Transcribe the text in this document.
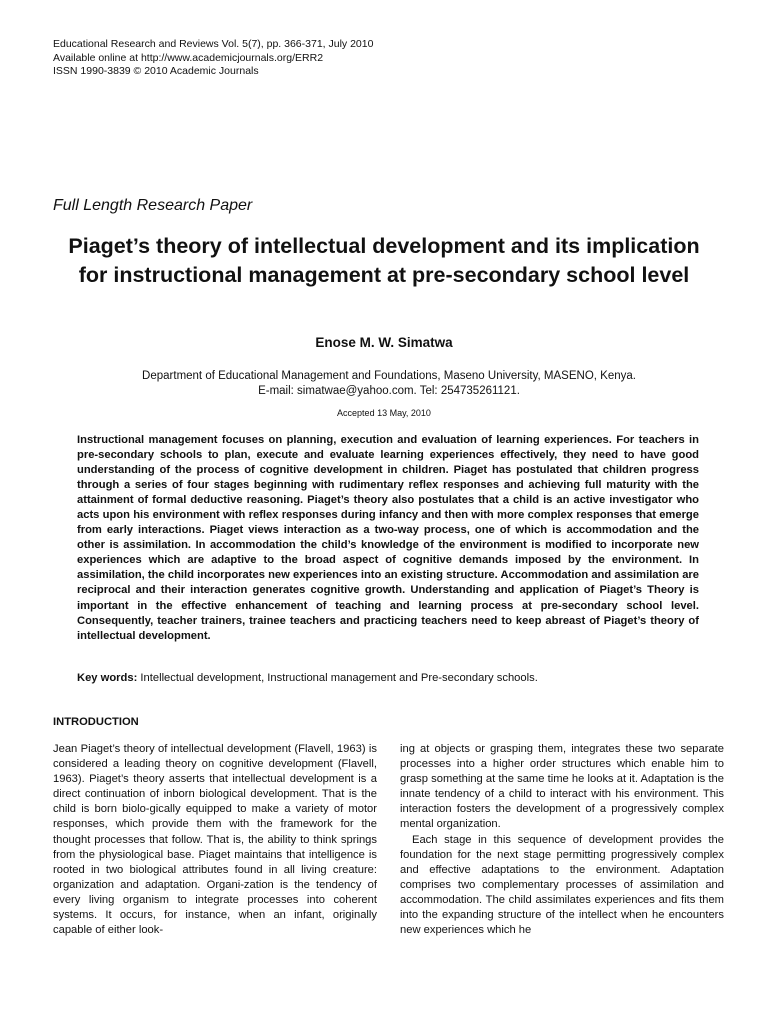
Educational Research and Reviews Vol. 5(7), pp. 366-371, July 2010
Available online at http://www.academicjournals.org/ERR2
ISSN 1990-3839 © 2010 Academic Journals
Full Length Research Paper
Piaget’s theory of intellectual development and its implication for instructional management at pre-secondary school level
Enose M. W. Simatwa
Department of Educational Management and Foundations, Maseno University, MASENO, Kenya.
E-mail: simatwae@yahoo.com. Tel: 254735261121.
Accepted 13 May, 2010

Instructional management focuses on planning, execution and evaluation of learning experiences. For teachers in pre-secondary schools to plan, execute and evaluate learning experiences effectively, they need to have good understanding of the process of cognitive development in children. Piaget has postulated that children progress through a series of four stages beginning with rudimentary reflex responses and achieving full maturity with the attainment of formal deductive reasoning. Piaget’s theory also postulates that a child is an active investigator who acts upon his environment with reflex responses during infancy and then with more complex responses that emerge from early interactions. Piaget views interaction as a two-way process, one of which is accommodation and the other is assimilation. In accommodation the child’s knowledge of the environment is modified to incorporate new experiences which are adaptive to the broad aspect of cognitive demands imposed by the environment. In assimilation, the child incorporates new experiences into an existing structure. Accommodation and assimilation are reciprocal and their interaction generates cognitive growth. Understanding and application of Piaget’s Theory is important in the effective enhancement of teaching and learning process at pre-secondary school level. Consequently, teacher trainers, trainee teachers and practicing teachers need to keep abreast of Piaget’s theory of intellectual development.

Key words: Intellectual development, Instructional management and Pre-secondary schools.
INTRODUCTION

Jean Piaget’s theory of intellectual development (Flavell, 1963) is considered a leading theory on cognitive development (Flavell, 1963). Piaget’s theory asserts that intellectual development is a direct continuation of inborn biological development. That is the child is born biolo-gically equipped to make a variety of motor responses, which provide them with the framework for the thought processes that follow. That is, the ability to think springs from the physiological base. Piaget maintains that intelligence is rooted in two biological attributes found in all living creature: organization and adaptation. Organi-zation is the tendency of every living organism to integrate processes into coherent systems. It occurs, for instance, when an infant, originally capable of either look-

ing at objects or grasping them, integrates these two separate processes into a higher order structures which enable him to grasp something at the same time he looks at it. Adaptation is the innate tendency of a child to interact with his environment. This interaction fosters the development of a progressively complex mental organization.

Each stage in this sequence of development provides the foundation for the next stage permitting progressively complex and effective adaptations to the environment. Adaptation comprises two complementary processes of assimilation and accommodation. The child assimilates experiences and fits them into the expanding structure of the intellect when he encounters new experiences which he
